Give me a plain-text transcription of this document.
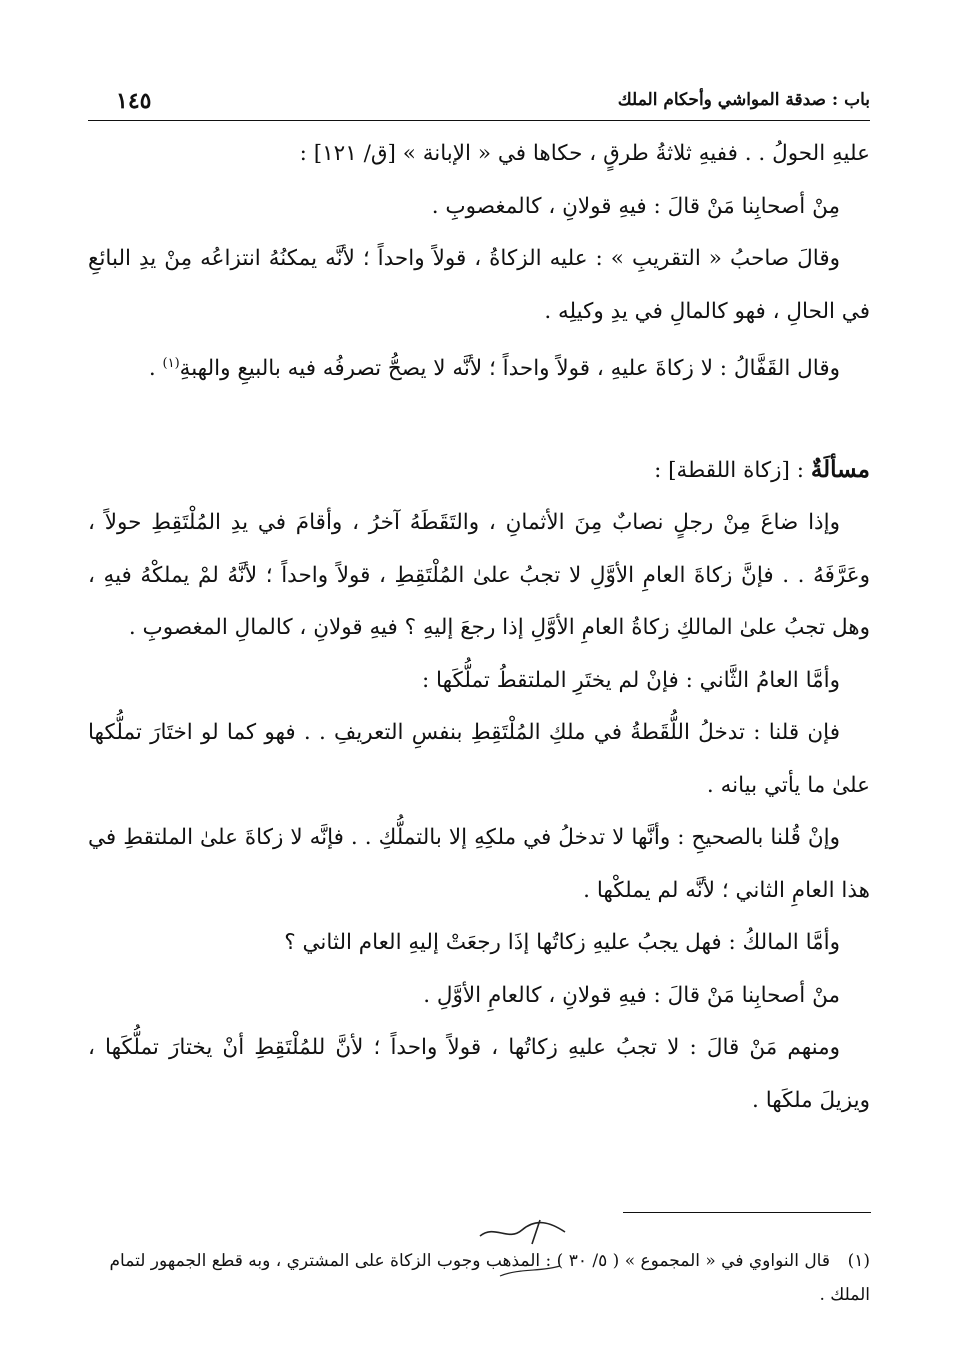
باب : صدقة المواشي وأحكام الملك
١٤٥

عليهِ الحولُ . . ففيهِ ثلاثةُ طرقٍ ، حكاها في « الإبانة » [ق/ ١٢١] :

مِنْ أصحابِنا مَنْ قالَ : فيهِ قولانِ ، كالمغصوبِ .

وقالَ صاحبُ « التقريبِ » : عليه الزكاةُ ، قولاً واحداً ؛ لأنَّه يمكنُهُ انتزاعُه مِنْ يدِ البائعِ في الحالِ ، فهو كالمالِ في يدِ وكيلِه .

وقال القَفَّالُ : لا زكاةَ عليهِ ، قولاً واحداً ؛ لأنَّه لا يصحُّ تصرفُه فيه بالبيعِ والهبةِ$^{(١)}$ .

مسألَةٌ : [زكاة اللقطة] :

وإذا ضاعَ مِنْ رجلٍ نصابٌ مِنَ الأثمانِ ، والتَقَطَهُ آخرُ ، وأقامَ في يدِ المُلْتَقِطِ حولاً ، وعَرَّفَهُ . . فإنَّ زكاةَ العامِ الأوَّلِ لا تجبُ علىٰ المُلْتَقِطِ ، قولاً واحداً ؛ لأنَّهُ لمْ يملكْهُ فيهِ ، وهل تجبُ علىٰ المالكِ زكاةُ العامِ الأوَّلِ إذا رجعَ إليهِ ؟ فيهِ قولانِ ، كالمالِ المغصوبِ .

وأمَّا العامُ الثَّاني : فإنْ لم يختَرِ الملتقطُ تملُّكَها :

فإن قلنا : تدخلُ اللُّقَطةُ في ملكِ المُلْتَقِطِ بنفسِ التعريفِ . . فهو كما لو اختَارَ تملُّكها علىٰ ما يأتي بيانه .

وإنْ قُلنا بالصحيحِ : وأنَّها لا تدخلُ في ملكِهِ إلا بالتملُّكِ . . فإنَّه لا زكاةَ علىٰ الملتقطِ في هذا العامِ الثاني ؛ لأنَّه لم يملكْها .

وأمَّا المالكُ : فهل يجبُ عليهِ زكاتُها إذَا رجعَتْ إليهِ العام الثاني ؟

منْ أصحابِنا مَنْ قالَ : فيهِ قولانِ ، كالعامِ الأوَّلِ .

ومنهم مَنْ قالَ : لا تجبُ عليهِ زكاتُها ، قولاً واحداً ؛ لأنَّ للمُلْتَقِطِ أنْ يختارَ تملُّكَها ، ويزيلَ ملكَها .

(١)قال النواوي في « المجموع » ( ٥/ ٣٠ ) : المذهب وجوب الزكاة على المشتري ، وبه قطع الجمهور لتمام الملك .
